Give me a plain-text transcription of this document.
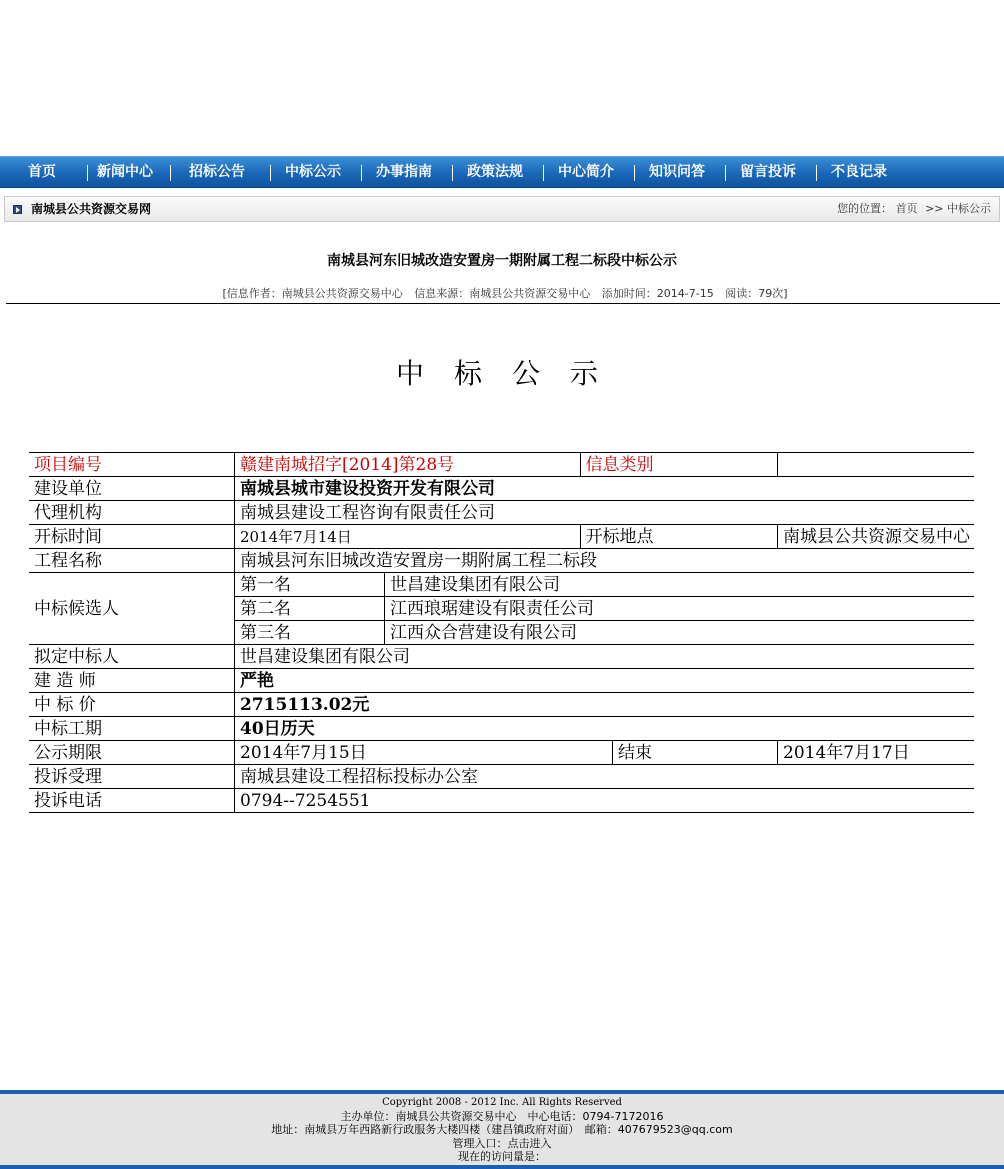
首页	新闻中心	招标公告	中标公示	办事指南	政策法规	中心简介	知识问答	留言投诉	不良记录
南城县公共资源交易网	您的位置： 首页 >> 中标公示
南城县河东旧城改造安置房一期附属工程二标段中标公示
[信息作者：南城县公共资源交易中心 信息来源：南城县公共资源交易中心 添加时间：2014-7-15 阅读：79次]
中标公示
项目编号	赣建南城招字[2014]第28号		信息类别		
建设单位	南城县城市建设投资开发有限公司				
代理机构	南城县建设工程咨询有限责任公司				
开标时间	2014年7月14日		开标地点		南城县公共资源交易中心
工程名称	南城县河东旧城改造安置房一期附属工程二标段				
中标候选人	第一名	世昌建设集团有限公司			
	第二名	江西琅琚建设有限责任公司			
	第三名	江西众合营建设有限公司			
拟定中标人	世昌建设集团有限公司				
建 造 师	严艳				
中 标 价	2715113.02元				
中标工期	40日历天				
公示期限	2014年7月15日			结束	2014年7月17日
投诉受理	南城县建设工程招标投标办公室				
投诉电话	0794--7254551				
Copyright 2008 - 2012 Inc. All Rights Reserved
主办单位：南城县公共资源交易中心　中心电话：0794-7172016
地址：南城县万年西路新行政服务大楼四楼（建昌镇政府对面）　邮箱：407679523@qq.com
管理入口：点击进入
现在的访问量是：
